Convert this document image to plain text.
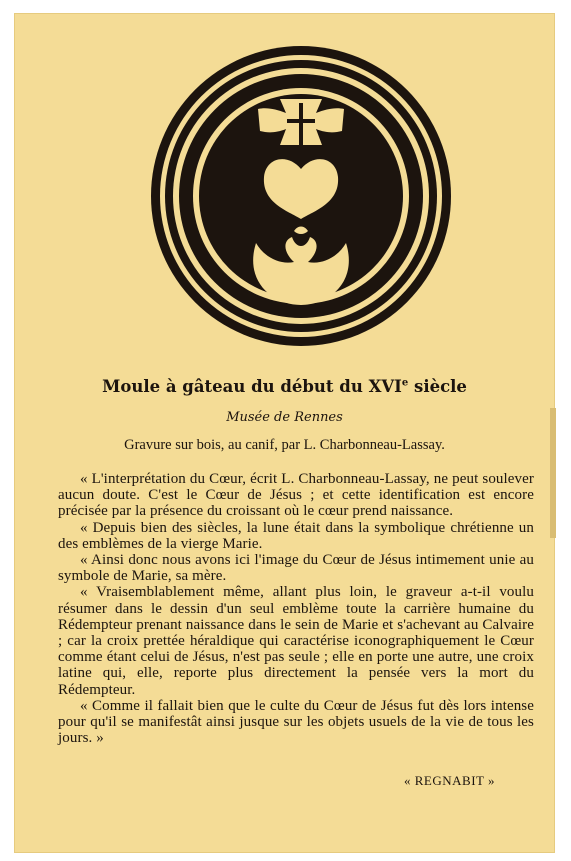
Moule à gâteau du début du XVIe siècle
Musée de Rennes
Gravure sur bois, au canif, par L. Charbonneau-Lassay.

« L'interprétation du Cœur, écrit L. Charbonneau-Lassay, ne peut soulever aucun doute. C'est le Cœur de Jésus ; et cette identification est encore précisée par la présence du croissant où le cœur prend naissance.

« Depuis bien des siècles, la lune était dans la symbolique chrétienne un des emblèmes de la vierge Marie.

« Ainsi donc nous avons ici l'image du Cœur de Jésus intimement unie au symbole de Marie, sa mère.

« Vraisemblablement même, allant plus loin, le graveur a-t-il voulu résumer dans le dessin d'un seul emblème toute la carrière humaine du Rédempteur prenant naissance dans le sein de Marie et s'achevant au Calvaire ; car la croix prettée héraldique qui caractérise iconographiquement le Cœur comme étant celui de Jésus, n'est pas seule ; elle en porte une autre, une croix latine qui, elle, reporte plus directement la pensée vers la mort du Rédempteur.

« Comme il fallait bien que le culte du Cœur de Jésus fut dès lors intense pour qu'il se manifestât ainsi jusque sur les objets usuels de la vie de tous les jours. »

« REGNABIT »
